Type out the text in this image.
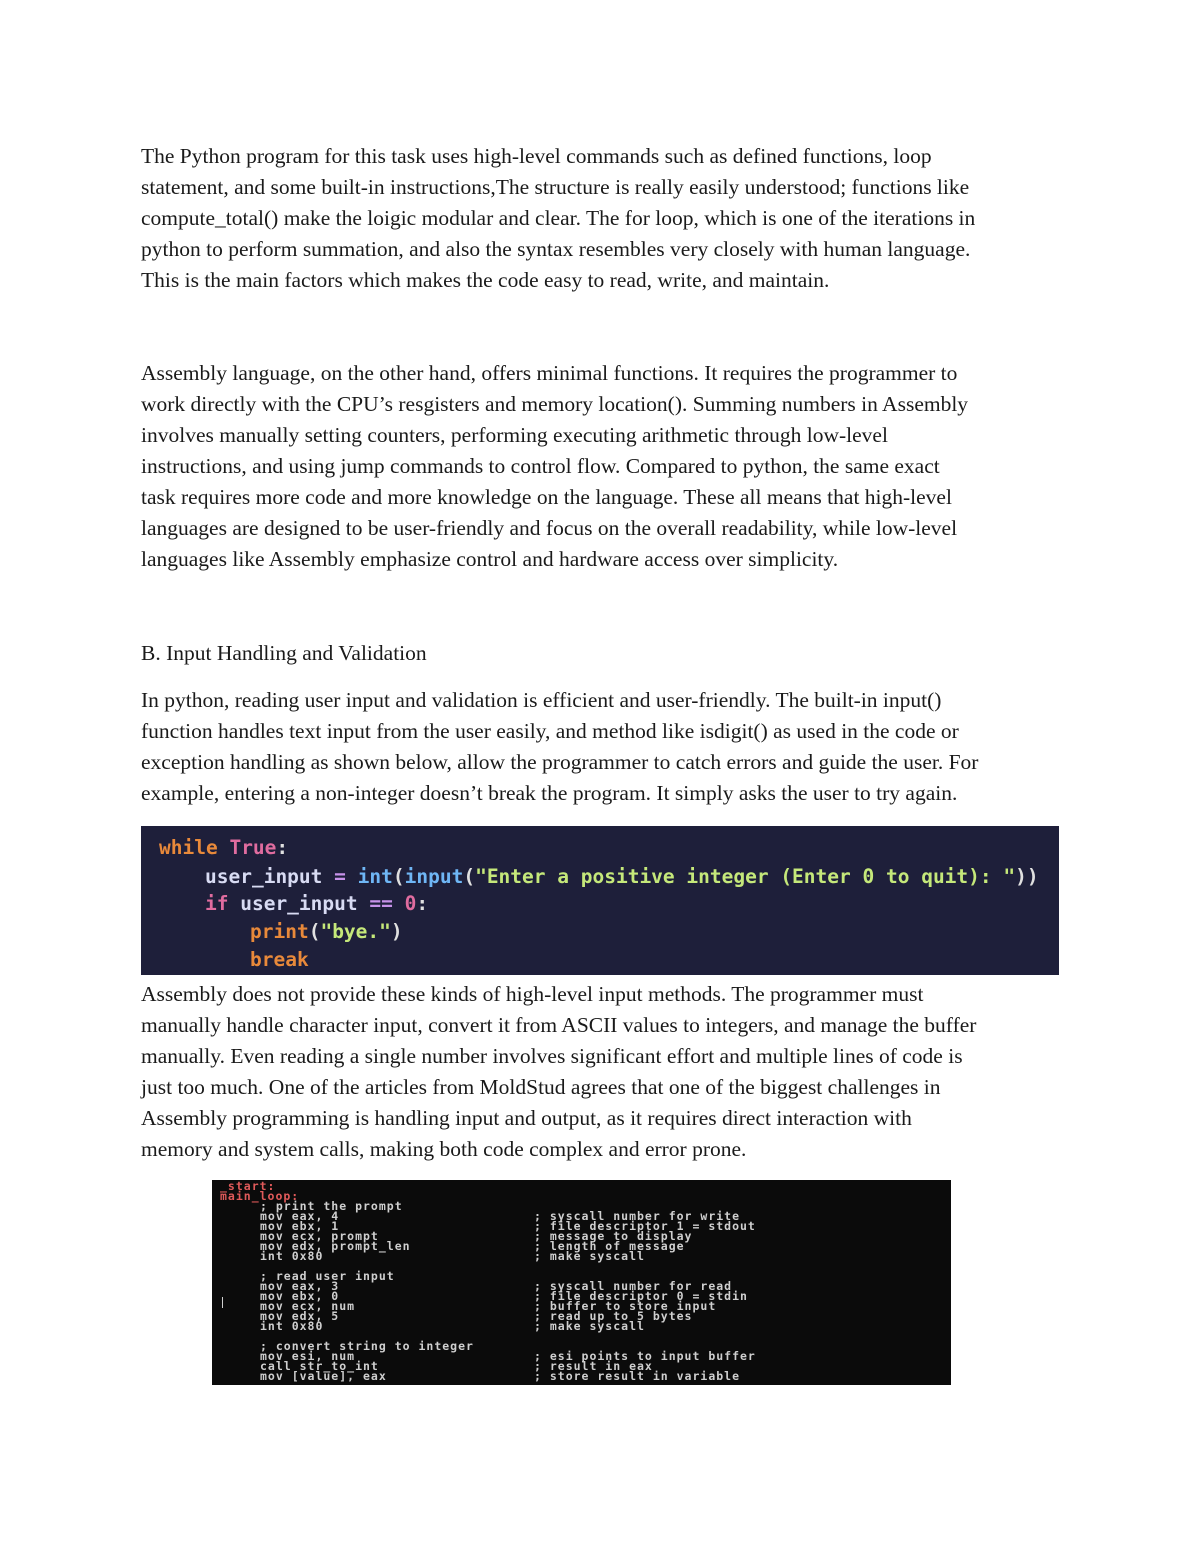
The Python program for this task uses high-level commands such as defined functions, loop
statement, and some built-in instructions,The structure is really easily understood; functions like
compute_total() make the loigic modular and clear. The for loop, which is one of the iterations in
python to perform summation, and also the syntax resembles very closely with human language.
This is the main factors which makes the code easy to read, write, and maintain.
Assembly language, on the other hand, offers minimal functions. It requires the programmer to
work directly with the CPU’s resgisters and memory location(). Summing numbers in Assembly
involves manually setting counters, performing executing arithmetic through low-level
instructions, and using jump commands to control flow. Compared to python, the same exact
task requires more code and more knowledge on the language. These all means that high-level
languages are designed to be user-friendly and focus on the overall readability, while low-level
languages like Assembly emphasize control and hardware access over simplicity.
B. Input Handling and Validation
In python, reading user input and validation is efficient and user-friendly. The built-in input()
function handles text input from the user easily, and method like isdigit() as used in the code or
exception handling as shown below, allow the programmer to catch errors and guide the user. For
example, entering a non-integer doesn’t break the program. It simply asks the user to try again.
while True:
user_input = int(input("Enter a positive integer (Enter 0 to quit): "))
if user_input == 0:
print("bye.")
break
Assembly does not provide these kinds of high-level input methods. The programmer must
manually handle character input, convert it from ASCII values to integers, and manage the buffer
manually. Even reading a single number involves significant effort and multiple lines of code is
just too much. One of the articles from MoldStud agrees that one of the biggest challenges in
Assembly programming is handling input and output, as it requires direct interaction with
memory and system calls, making both code complex and error prone.
_start:
main_loop:
; print the prompt
mov eax, 4	; syscall number for write
mov ebx, 1	; file descriptor 1 = stdout
mov ecx, prompt	; message to display
mov edx, prompt_len	; length of message
int 0x80	; make syscall
; read user input
mov eax, 3	; syscall number for read
mov ebx, 0	; file descriptor 0 = stdin
mov ecx, num	; buffer to store input
mov edx, 5	; read up to 5 bytes
int 0x80	; make syscall
; convert string to integer
mov esi, num	; esi points to input buffer
call str_to_int	; result in eax
mov [value], eax	; store result in variable
